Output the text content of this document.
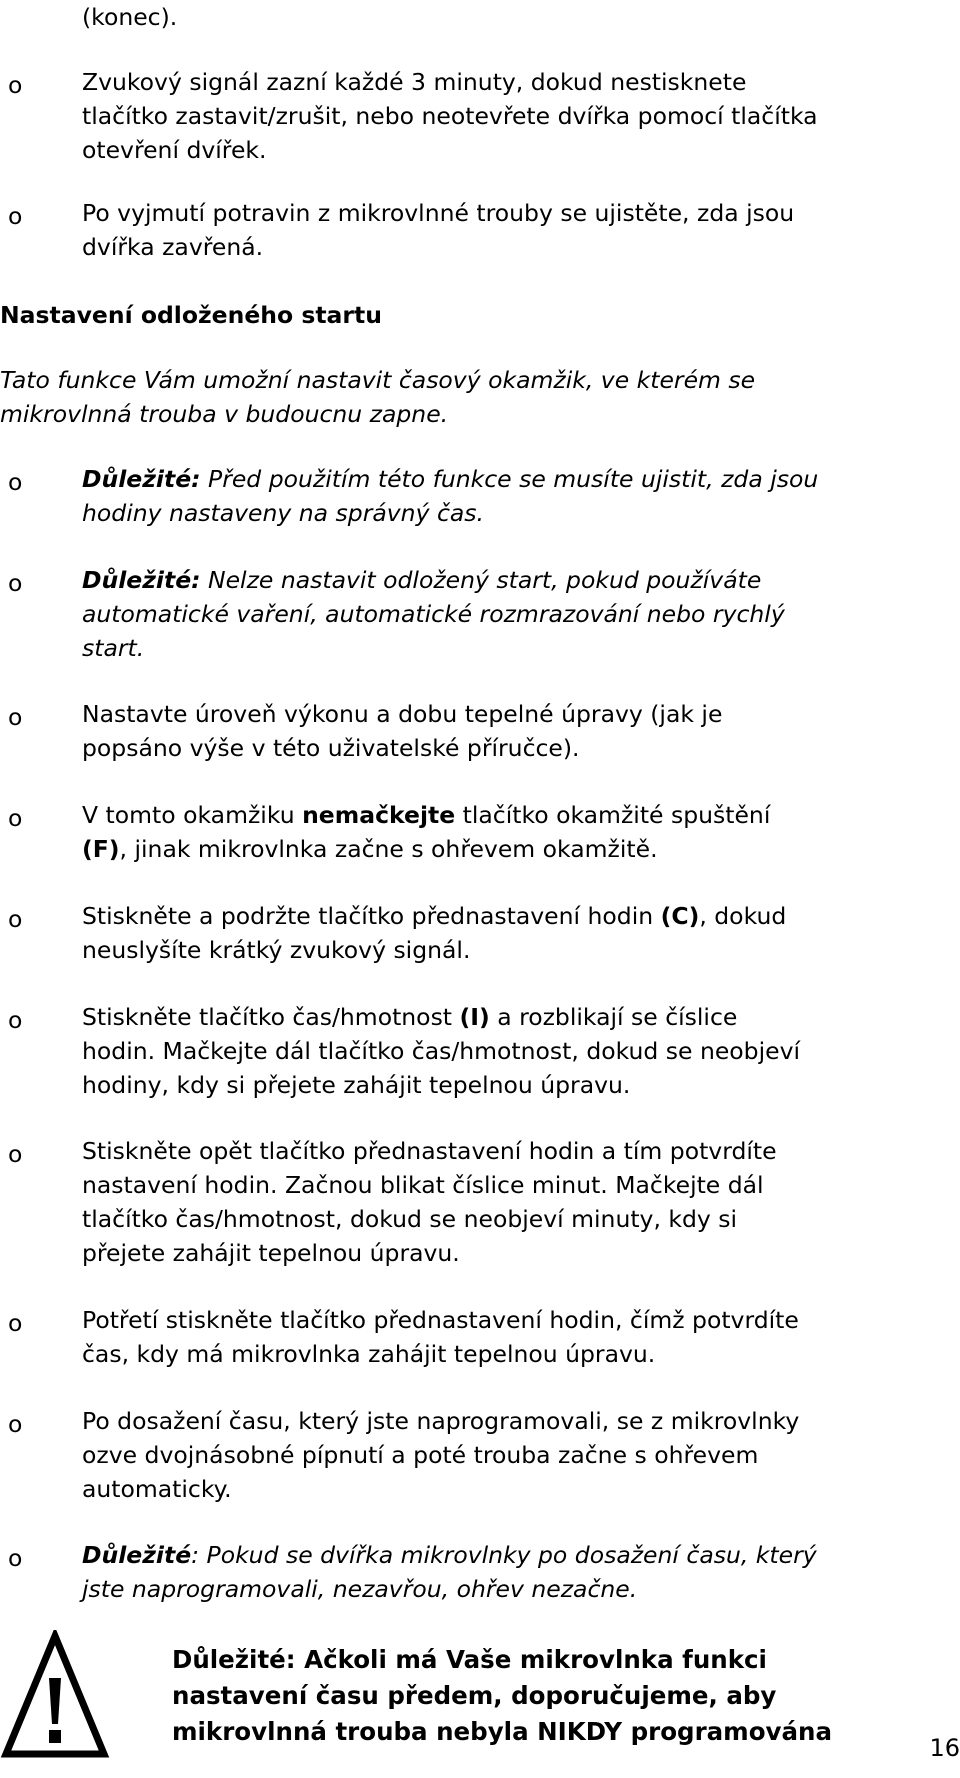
(konec).
o	Zvukový signál zazní každé 3 minuty, dokud nestisknete
tlačítko zastavit/zrušit, nebo neotevřete dvířka pomocí tlačítka
otevření dvířek.
o	Po vyjmutí potravin z mikrovlnné trouby se ujistěte, zda jsou
dvířka zavřená.
Nastavení odloženého startu
Tato funkce Vám umožní nastavit časový okamžik, ve kterém se
mikrovlnná trouba v budoucnu zapne.
o	Důležité: Před použitím této funkce se musíte ujistit, zda jsou
hodiny nastaveny na správný čas.
o	Důležité: Nelze nastavit odložený start, pokud používáte
automatické vaření, automatické rozmrazování nebo rychlý
start.
o	Nastavte úroveň výkonu a dobu tepelné úpravy (jak je
popsáno výše v této uživatelské příručce).
o	V tomto okamžiku nemačkejte tlačítko okamžité spuštění
(F), jinak mikrovlnka začne s ohřevem okamžitě.
o	Stiskněte a podržte tlačítko přednastavení hodin (C), dokud
neuslyšíte krátký zvukový signál.
o	Stiskněte tlačítko čas/hmotnost (I) a rozblikají se číslice
hodin. Mačkejte dál tlačítko čas/hmotnost, dokud se neobjeví
hodiny, kdy si přejete zahájit tepelnou úpravu.
o	Stiskněte opět tlačítko přednastavení hodin a tím potvrdíte
nastavení hodin. Začnou blikat číslice minut. Mačkejte dál
tlačítko čas/hmotnost, dokud se neobjeví minuty, kdy si
přejete zahájit tepelnou úpravu.
o	Potřetí stiskněte tlačítko přednastavení hodin, čímž potvrdíte
čas, kdy má mikrovlnka zahájit tepelnou úpravu.
o	Po dosažení času, který jste naprogramovali, se z mikrovlnky
ozve dvojnásobné pípnutí a poté trouba začne s ohřevem
automaticky.
o	Důležité: Pokud se dvířka mikrovlnky po dosažení času, který
jste naprogramovali, nezavřou, ohřev nezačne.
Důležité: Ačkoli má Vaše mikrovlnka funkci
nastavení času předem, doporučujeme, aby
mikrovlnná trouba nebyla NIKDY programována
16
